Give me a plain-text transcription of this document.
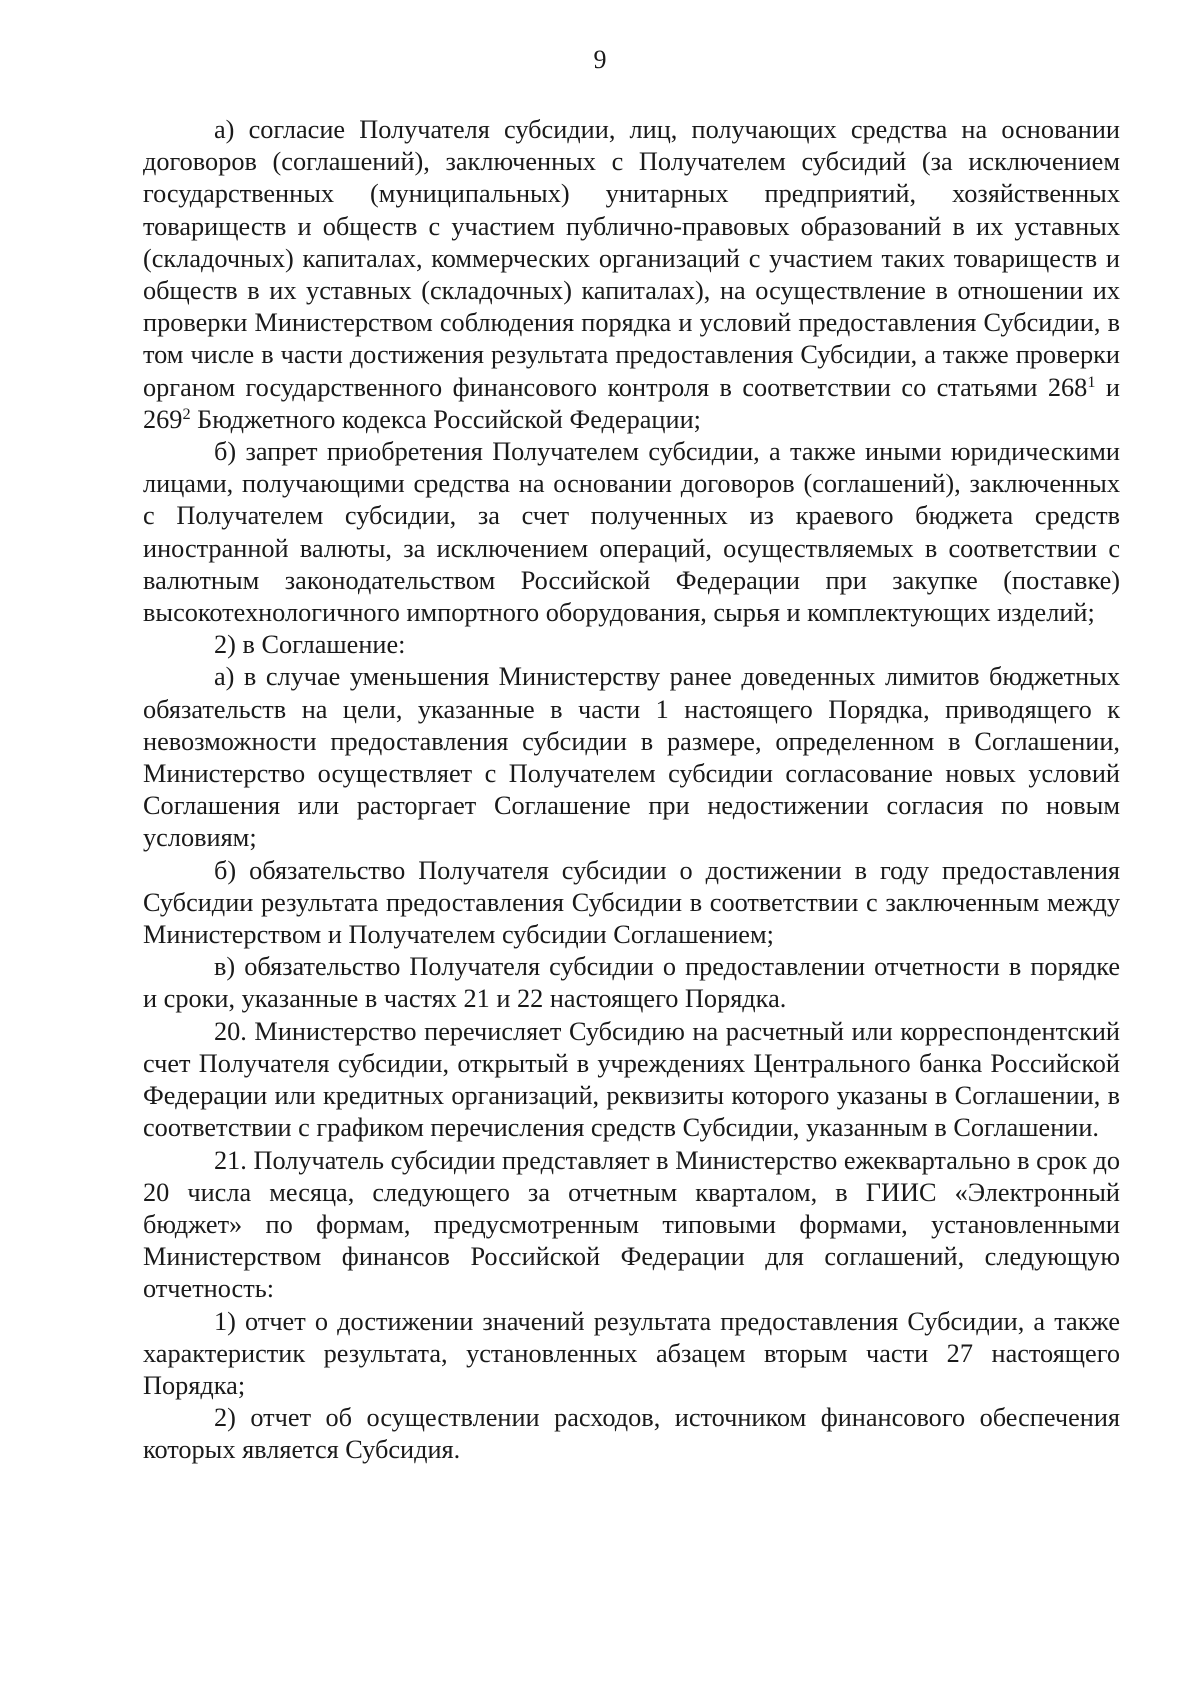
9

а) согласие Получателя субсидии, лиц, получающих средства на основании договоров (соглашений), заключенных с Получателем субсидий (за исключением государственных (муниципальных) унитарных предприятий, хозяйственных товариществ и обществ с участием публично-правовых образований в их уставных (складочных) капиталах, коммерческих организаций с участием таких товариществ и обществ в их уставных (складочных) капиталах), на осуществление в отношении их проверки Министерством соблюдения порядка и условий предоставления Субсидии, в том числе в части достижения результата предоставления Субсидии, а также проверки органом государственного финансового контроля в соответствии со статьями $268^1$ и $269^2$ Бюджетного кодекса Российской Федерации;

б) запрет приобретения Получателем субсидии, а также иными юридическими лицами, получающими средства на основании договоров (соглашений), заключенных с Получателем субсидии, за счет полученных из краевого бюджета средств иностранной валюты, за исключением операций, осуществляемых в соответствии с валютным законодательством Российской Федерации при закупке (поставке) высокотехнологичного импортного оборудования, сырья и комплектующих изделий;

2) в Соглашение:

а) в случае уменьшения Министерству ранее доведенных лимитов бюджетных обязательств на цели, указанные в части 1 настоящего Порядка, приводящего к невозможности предоставления субсидии в размере, определенном в Соглашении, Министерство осуществляет с Получателем субсидии согласование новых условий Соглашения или расторгает Соглашение при недостижении согласия по новым условиям;

б) обязательство Получателя субсидии о достижении в году предоставления Субсидии результата предоставления Субсидии в соответствии с заключенным между Министерством и Получателем субсидии Соглашением;

в) обязательство Получателя субсидии о предоставлении отчетности в порядке и сроки, указанные в частях 21 и 22 настоящего Порядка.

20. Министерство перечисляет Субсидию на расчетный или корреспондентский счет Получателя субсидии, открытый в учреждениях Центрального банка Российской Федерации или кредитных организаций, реквизиты которого указаны в Соглашении, в соответствии с графиком перечисления средств Субсидии, указанным в Соглашении.

21. Получатель субсидии представляет в Министерство ежеквартально в срок до 20 числа месяца, следующего за отчетным кварталом, в ГИИС «Электронный бюджет» по формам, предусмотренным типовыми формами, установленными Министерством финансов Российской Федерации для соглашений, следующую отчетность:

1) отчет о достижении значений результата предоставления Субсидии, а также характеристик результата, установленных абзацем вторым части 27 настоящего Порядка;

2) отчет об осуществлении расходов, источником финансового обеспечения которых является Субсидия.
